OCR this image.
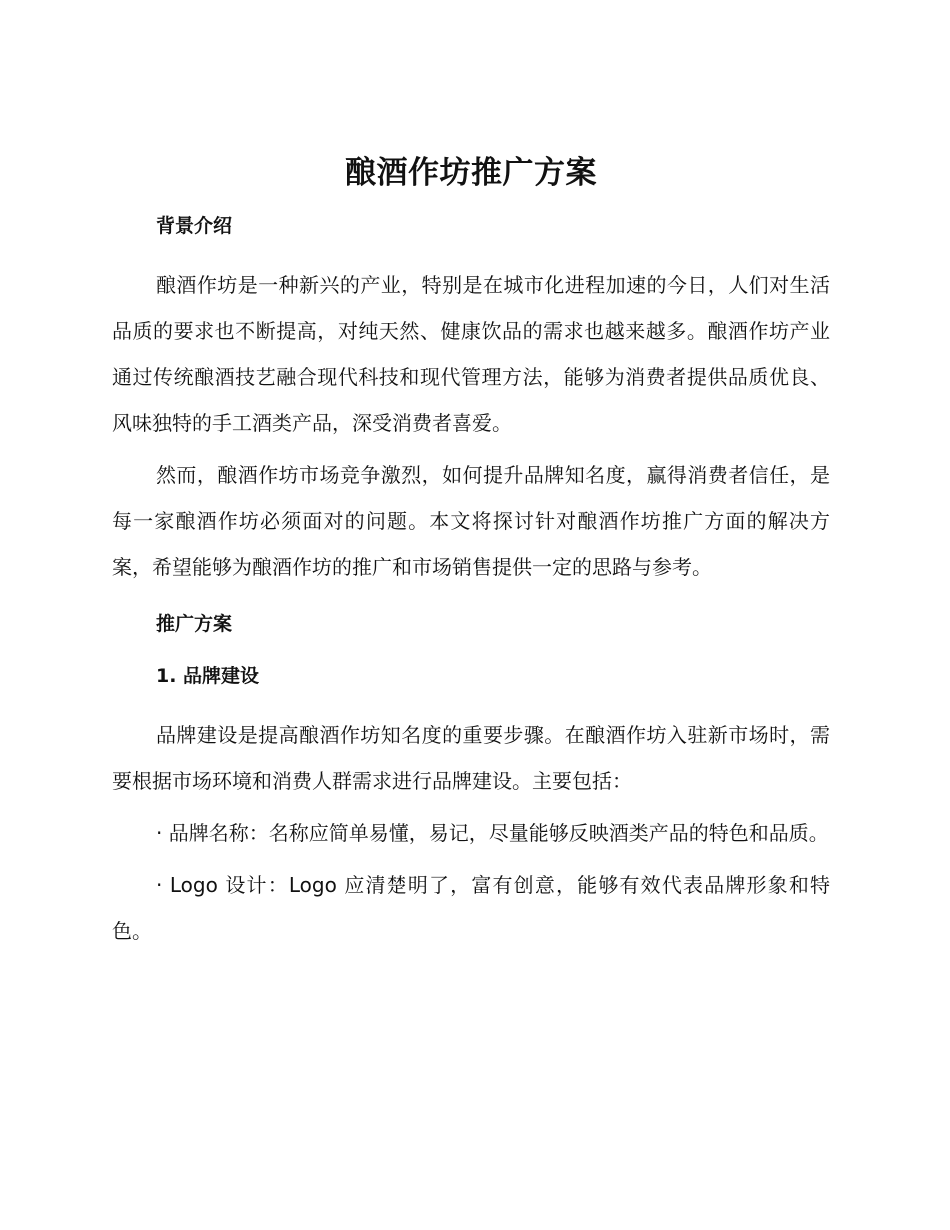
酿酒作坊推广方案
背景介绍

酿酒作坊是一种新兴的产业，特别是在城市化进程加速的今日，人们对生活品质的要求也不断提高，对纯天然、健康饮品的需求也越来越多。酿酒作坊产业通过传统酿酒技艺融合现代科技和现代管理方法，能够为消费者提供品质优良、风味独特的手工酒类产品，深受消费者喜爱。

然而，酿酒作坊市场竞争激烈，如何提升品牌知名度，赢得消费者信任，是每一家酿酒作坊必须面对的问题。本文将探讨针对酿酒作坊推广方面的解决方案，希望能够为酿酒作坊的推广和市场销售提供一定的思路与参考。

推广方案
1. 品牌建设

品牌建设是提高酿酒作坊知名度的重要步骤。在酿酒作坊入驻新市场时，需要根据市场环境和消费人群需求进行品牌建设。主要包括：

· 品牌名称：名称应简单易懂，易记，尽量能够反映酒类产品的特色和品质。

· Logo 设计：Logo 应清楚明了，富有创意，能够有效代表品牌形象和特色。
